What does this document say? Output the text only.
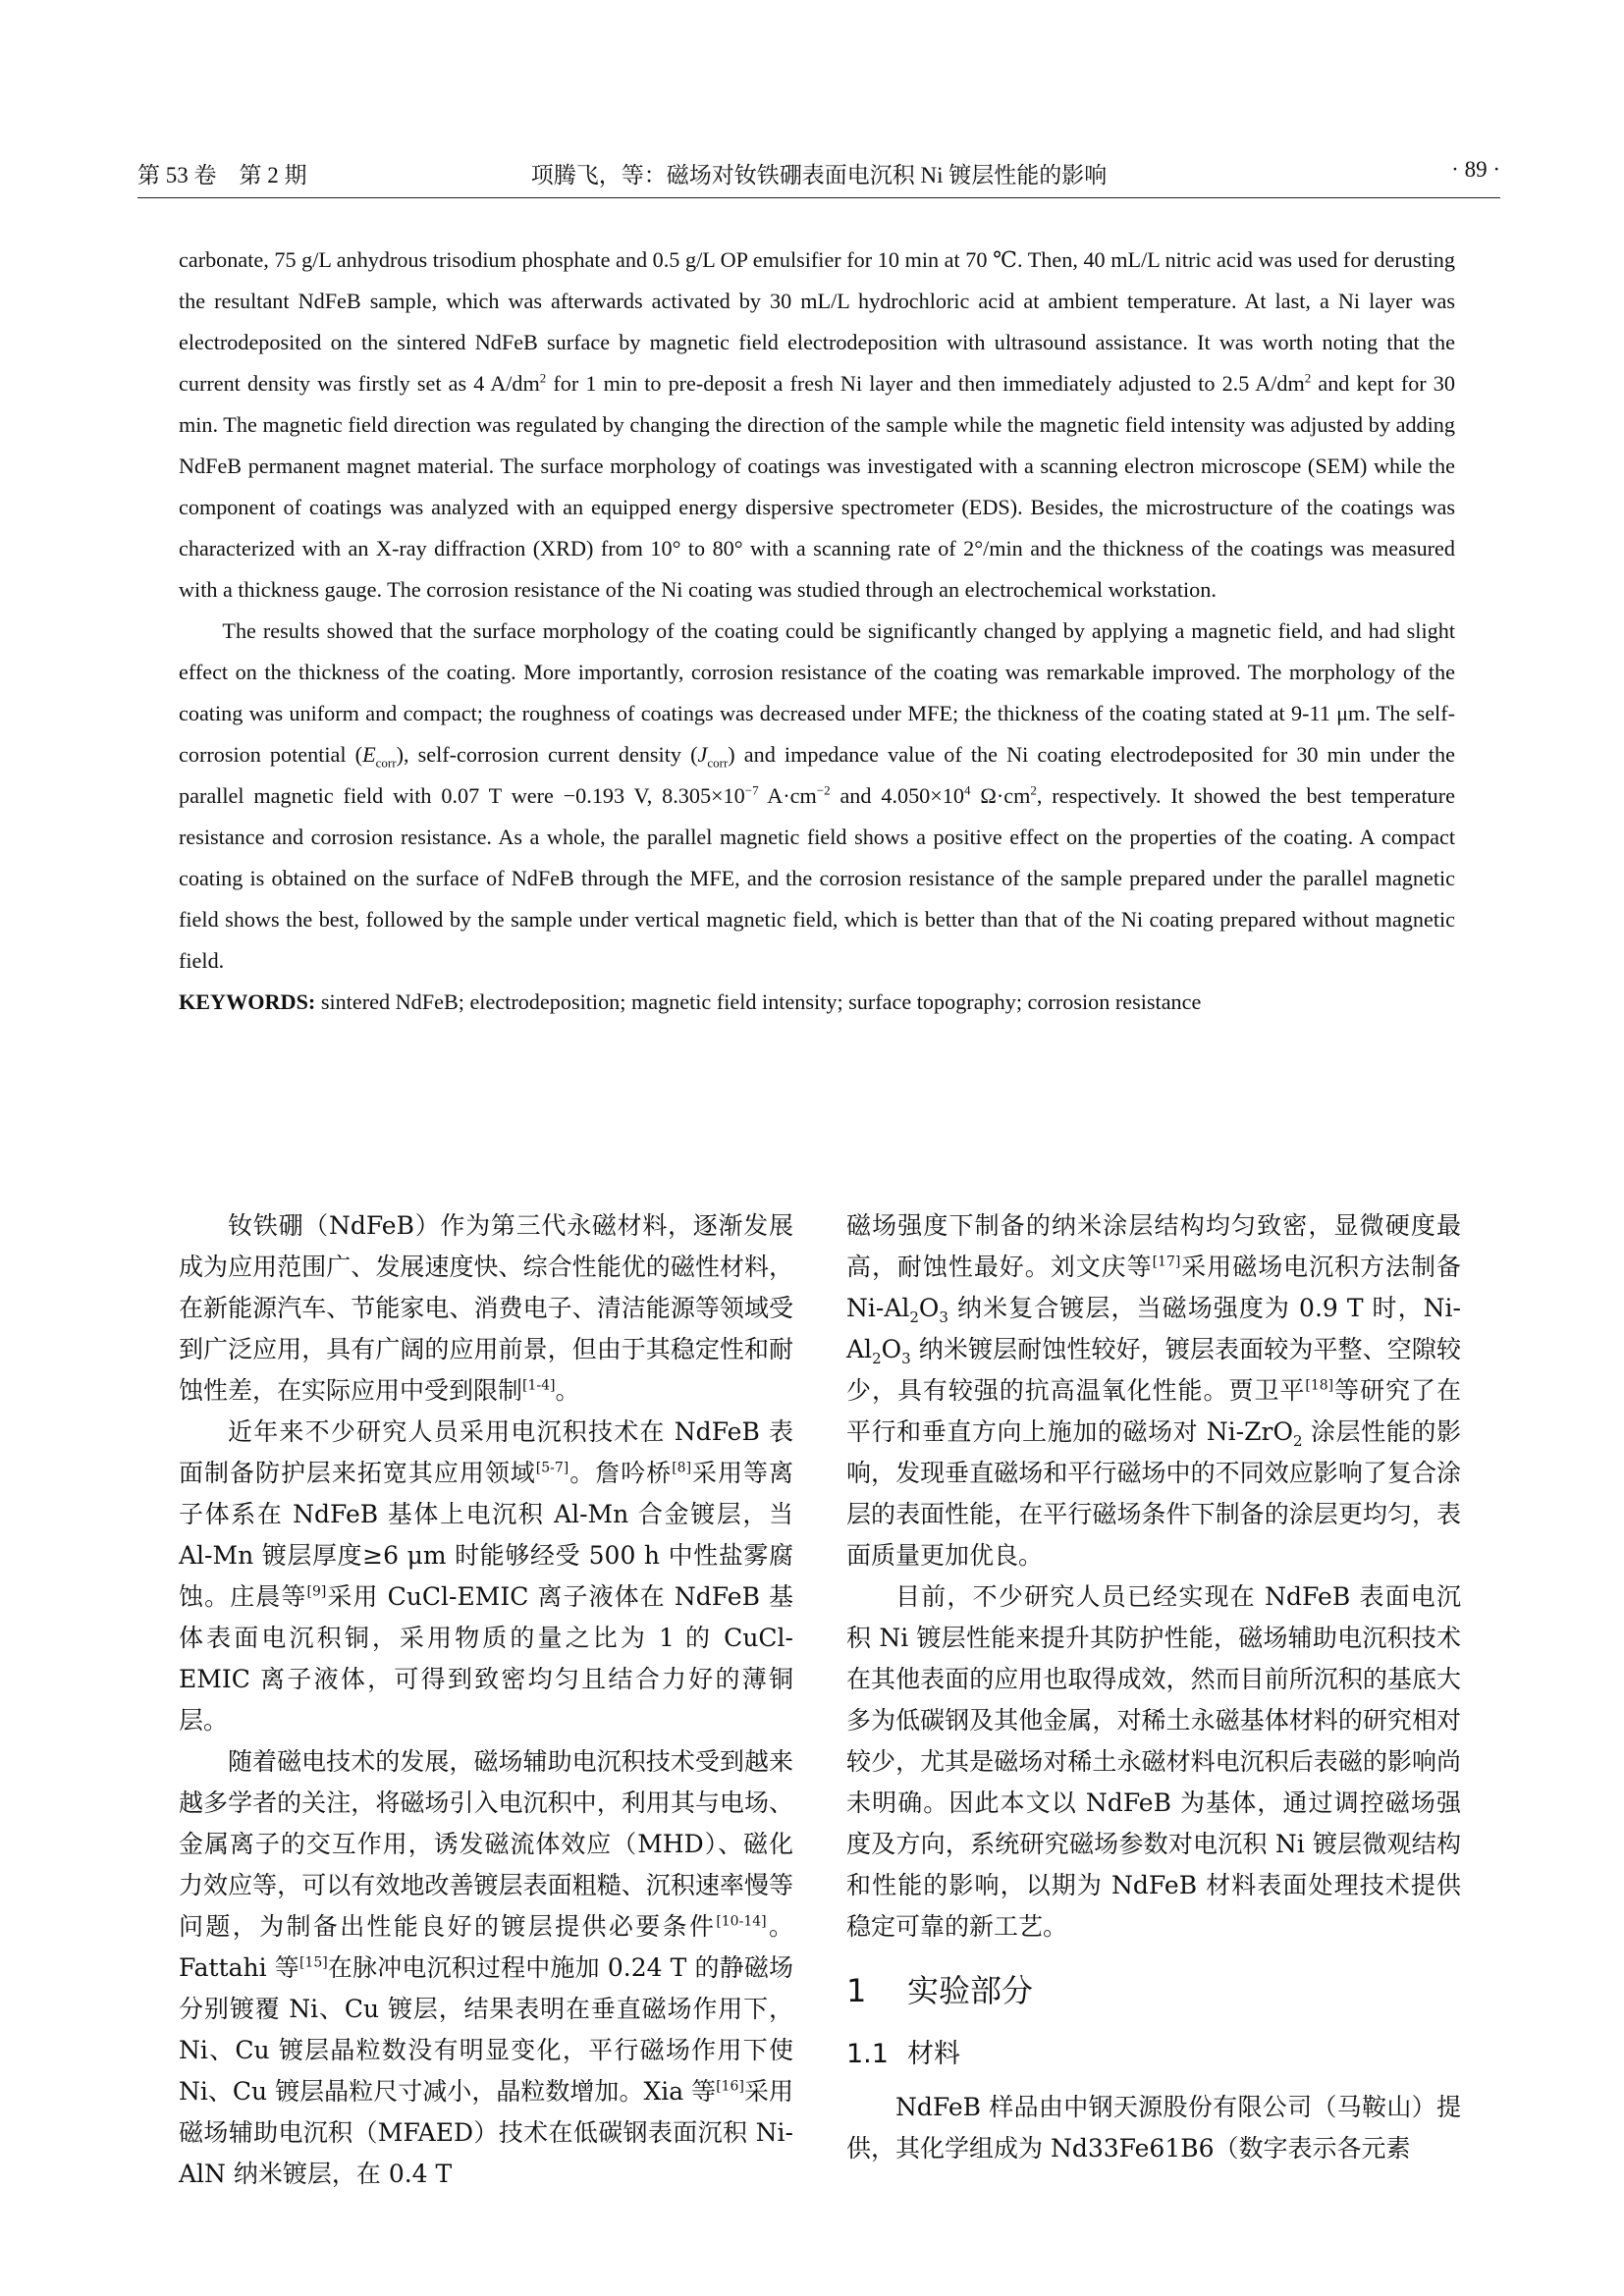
第 53 卷　第 2 期	项腾飞，等：磁场对钕铁硼表面电沉积 Ni 镀层性能的影响	· 89 ·

carbonate, 75 g/L anhydrous trisodium phosphate and 0.5 g/L OP emulsifier for 10 min at 70 ℃. Then, 40 mL/L nitric acid was used for derusting the resultant NdFeB sample, which was afterwards activated by 30 mL/L hydrochloric acid at ambient temperature. At last, a Ni layer was electrodeposited on the sintered NdFeB surface by magnetic field electrodeposition with ultrasound assistance. It was worth noting that the current density was firstly set as 4 $A/dm^2$ for 1 min to pre-deposit a fresh Ni layer and then immediately adjusted to 2.5 $A/dm^2$ and kept for 30 min. The magnetic field direction was regulated by changing the direction of the sample while the magnetic field intensity was adjusted by adding NdFeB permanent magnet material. The surface morphology of coatings was investigated with a scanning electron microscope (SEM) while the component of coatings was analyzed with an equipped energy dispersive spectrometer (EDS). Besides, the microstructure of the coatings was characterized with an X-ray diffraction (XRD) from 10° to 80° with a scanning rate of 2°/min and the thickness of the coatings was measured with a thickness gauge. The corrosion resistance of the Ni coating was studied through an electrochemical workstation.

The results showed that the surface morphology of the coating could be significantly changed by applying a magnetic field, and had slight effect on the thickness of the coating. More importantly, corrosion resistance of the coating was remarkable improved. The morphology of the coating was uniform and compact; the roughness of coatings was decreased under MFE; the thickness of the coating stated at 9-11 μm. The self-corrosion potential $(E_{corr})$, self-corrosion current density $(J_{corr})$ and impedance value of the Ni coating electrodeposited for 30 min under the parallel magnetic field with 0.07 T were −0.193 V, $8.305\times 10^{-7}$ $A\cdot cm^{-2}$ and $4.050\times 10^4$ $\Omega\cdot cm^2$, respectively. It showed the best temperature resistance and corrosion resistance. As a whole, the parallel magnetic field shows a positive effect on the properties of the coating. A compact coating is obtained on the surface of NdFeB through the MFE, and the corrosion resistance of the sample prepared under the parallel magnetic field shows the best, followed by the sample under vertical magnetic field, which is better than that of the Ni coating prepared without magnetic field.

KEYWORDS: sintered NdFeB; electrodeposition; magnetic field intensity; surface topography; corrosion resistance

钕铁硼（NdFeB）作为第三代永磁材料，逐渐发展成为应用范围广、发展速度快、综合性能优的磁性材料，在新能源汽车、节能家电、消费电子、清洁能源等领域受到广泛应用，具有广阔的应用前景，但由于其稳定性和耐蚀性差，在实际应用中受到限制[1-4]。

近年来不少研究人员采用电沉积技术在 NdFeB 表面制备防护层来拓宽其应用领域[5-7]。詹吟桥[8]采用等离子体系在 NdFeB 基体上电沉积 Al-Mn 合金镀层，当 Al-Mn 镀层厚度≥6 μm 时能够经受 500 h 中性盐雾腐蚀。庄晨等[9]采用 CuCl-EMIC 离子液体在 NdFeB 基体表面电沉积铜，采用物质的量之比为 1 的 CuCl-EMIC 离子液体，可得到致密均匀且结合力好的薄铜层。

随着磁电技术的发展，磁场辅助电沉积技术受到越来越多学者的关注，将磁场引入电沉积中，利用其与电场、金属离子的交互作用，诱发磁流体效应（MHD）、磁化力效应等，可以有效地改善镀层表面粗糙、沉积速率慢等问题，为制备出性能良好的镀层提供必要条件[10-14]。Fattahi 等[15]在脉冲电沉积过程中施加 0.24 T 的静磁场分别镀覆 Ni、Cu 镀层，结果表明在垂直磁场作用下，Ni、Cu 镀层晶粒数没有明显变化，平行磁场作用下使 Ni、Cu 镀层晶粒尺寸减小，晶粒数增加。Xia 等[16]采用磁场辅助电沉积（MFAED）技术在低碳钢表面沉积 Ni-AlN 纳米镀层，在 0.4 T

磁场强度下制备的纳米涂层结构均匀致密，显微硬度最高，耐蚀性最好。刘文庆等[17]采用磁场电沉积方法制备 $Ni-Al_2O_3$ 纳米复合镀层，当磁场强度为 0.9 T 时，$Ni-Al_2O_3$ 纳米镀层耐蚀性较好，镀层表面较为平整、空隙较少，具有较强的抗高温氧化性能。贾卫平[18]等研究了在平行和垂直方向上施加的磁场对 Ni-ZrO$_2$ 涂层性能的影响，发现垂直磁场和平行磁场中的不同效应影响了复合涂层的表面性能，在平行磁场条件下制备的涂层更均匀，表面质量更加优良。

目前，不少研究人员已经实现在 NdFeB 表面电沉积 Ni 镀层性能来提升其防护性能，磁场辅助电沉积技术在其他表面的应用也取得成效，然而目前所沉积的基底大多为低碳钢及其他金属，对稀土永磁基体材料的研究相对较少，尤其是磁场对稀土永磁材料电沉积后表磁的影响尚未明确。因此本文以 NdFeB 为基体，通过调控磁场强度及方向，系统研究磁场参数对电沉积 Ni 镀层微观结构和性能的影响，以期为 NdFeB 材料表面处理技术提供稳定可靠的新工艺。

1 实验部分
1.1 材料

NdFeB 样品由中钢天源股份有限公司（马鞍山）提供，其化学组成为 Nd33Fe61B6（数字表示各元素
